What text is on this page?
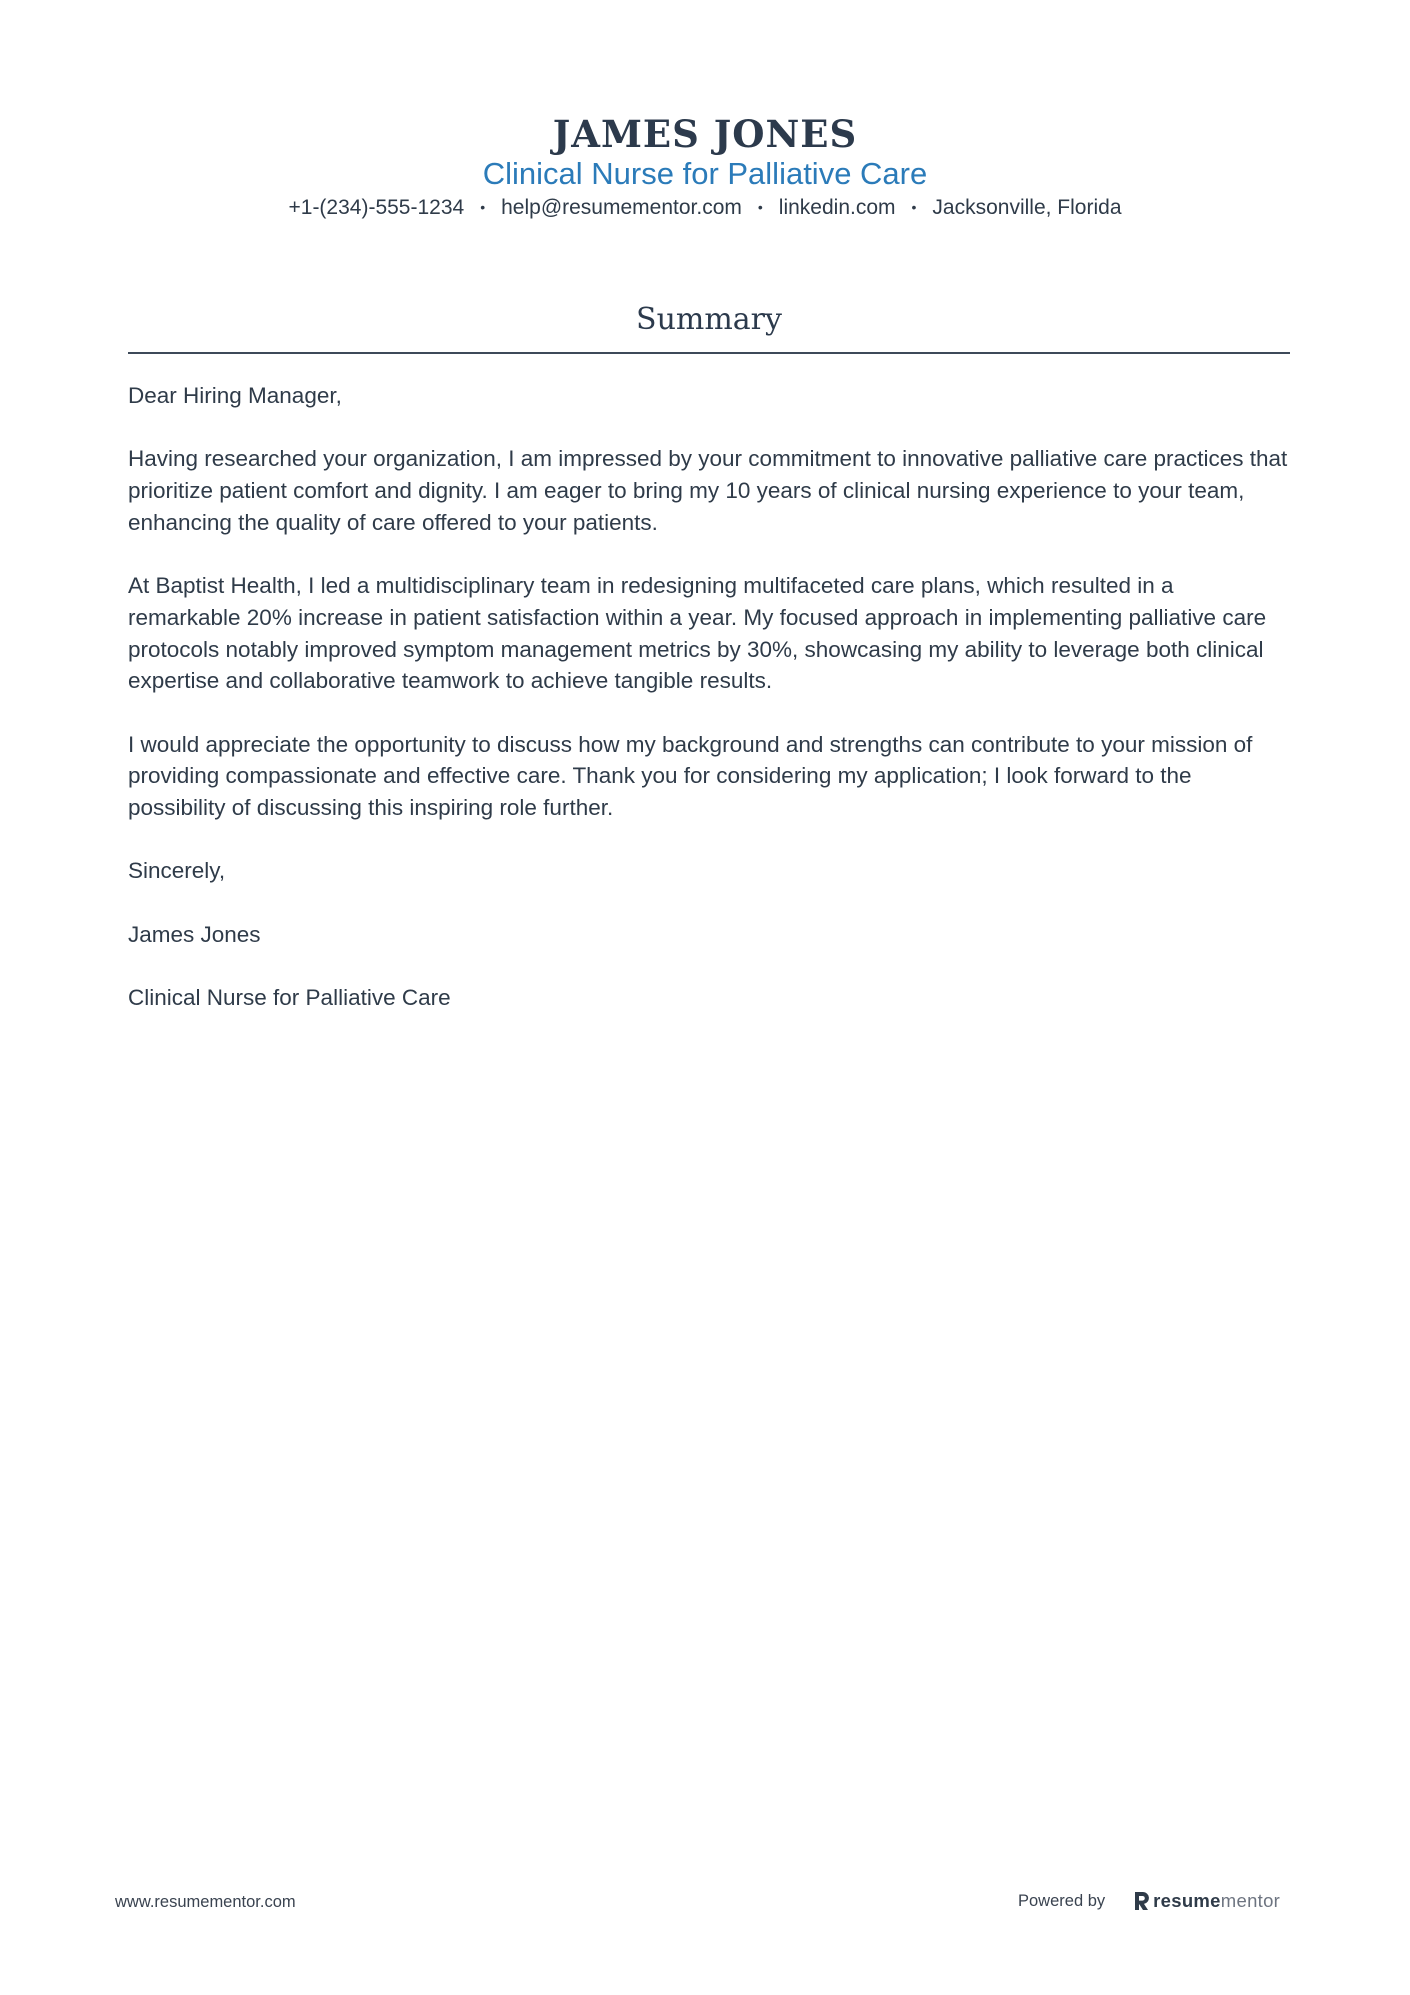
JAMES JONES
Clinical Nurse for Palliative Care
+1-(234)-555-1234 • help@resumementor.com • linkedin.com • Jacksonville, Florida
Summary

Dear Hiring Manager,

Having researched your organization, I am impressed by your commitment to innovative palliative care practices that prioritize patient comfort and dignity. I am eager to bring my 10 years of clinical nursing experience to your team, enhancing the quality of care offered to your patients.

At Baptist Health, I led a multidisciplinary team in redesigning multifaceted care plans, which resulted in a remarkable 20% increase in patient satisfaction within a year. My focused approach in implementing palliative care protocols notably improved symptom management metrics by 30%, showcasing my ability to leverage both clinical expertise and collaborative teamwork to achieve tangible results.

I would appreciate the opportunity to discuss how my background and strengths can contribute to your mission of providing compassionate and effective care. Thank you for considering my application; I look forward to the possibility of discussing this inspiring role further.

Sincerely,

James Jones

Clinical Nurse for Palliative Care

www.resumementor.com	Powered by	resume mentor
